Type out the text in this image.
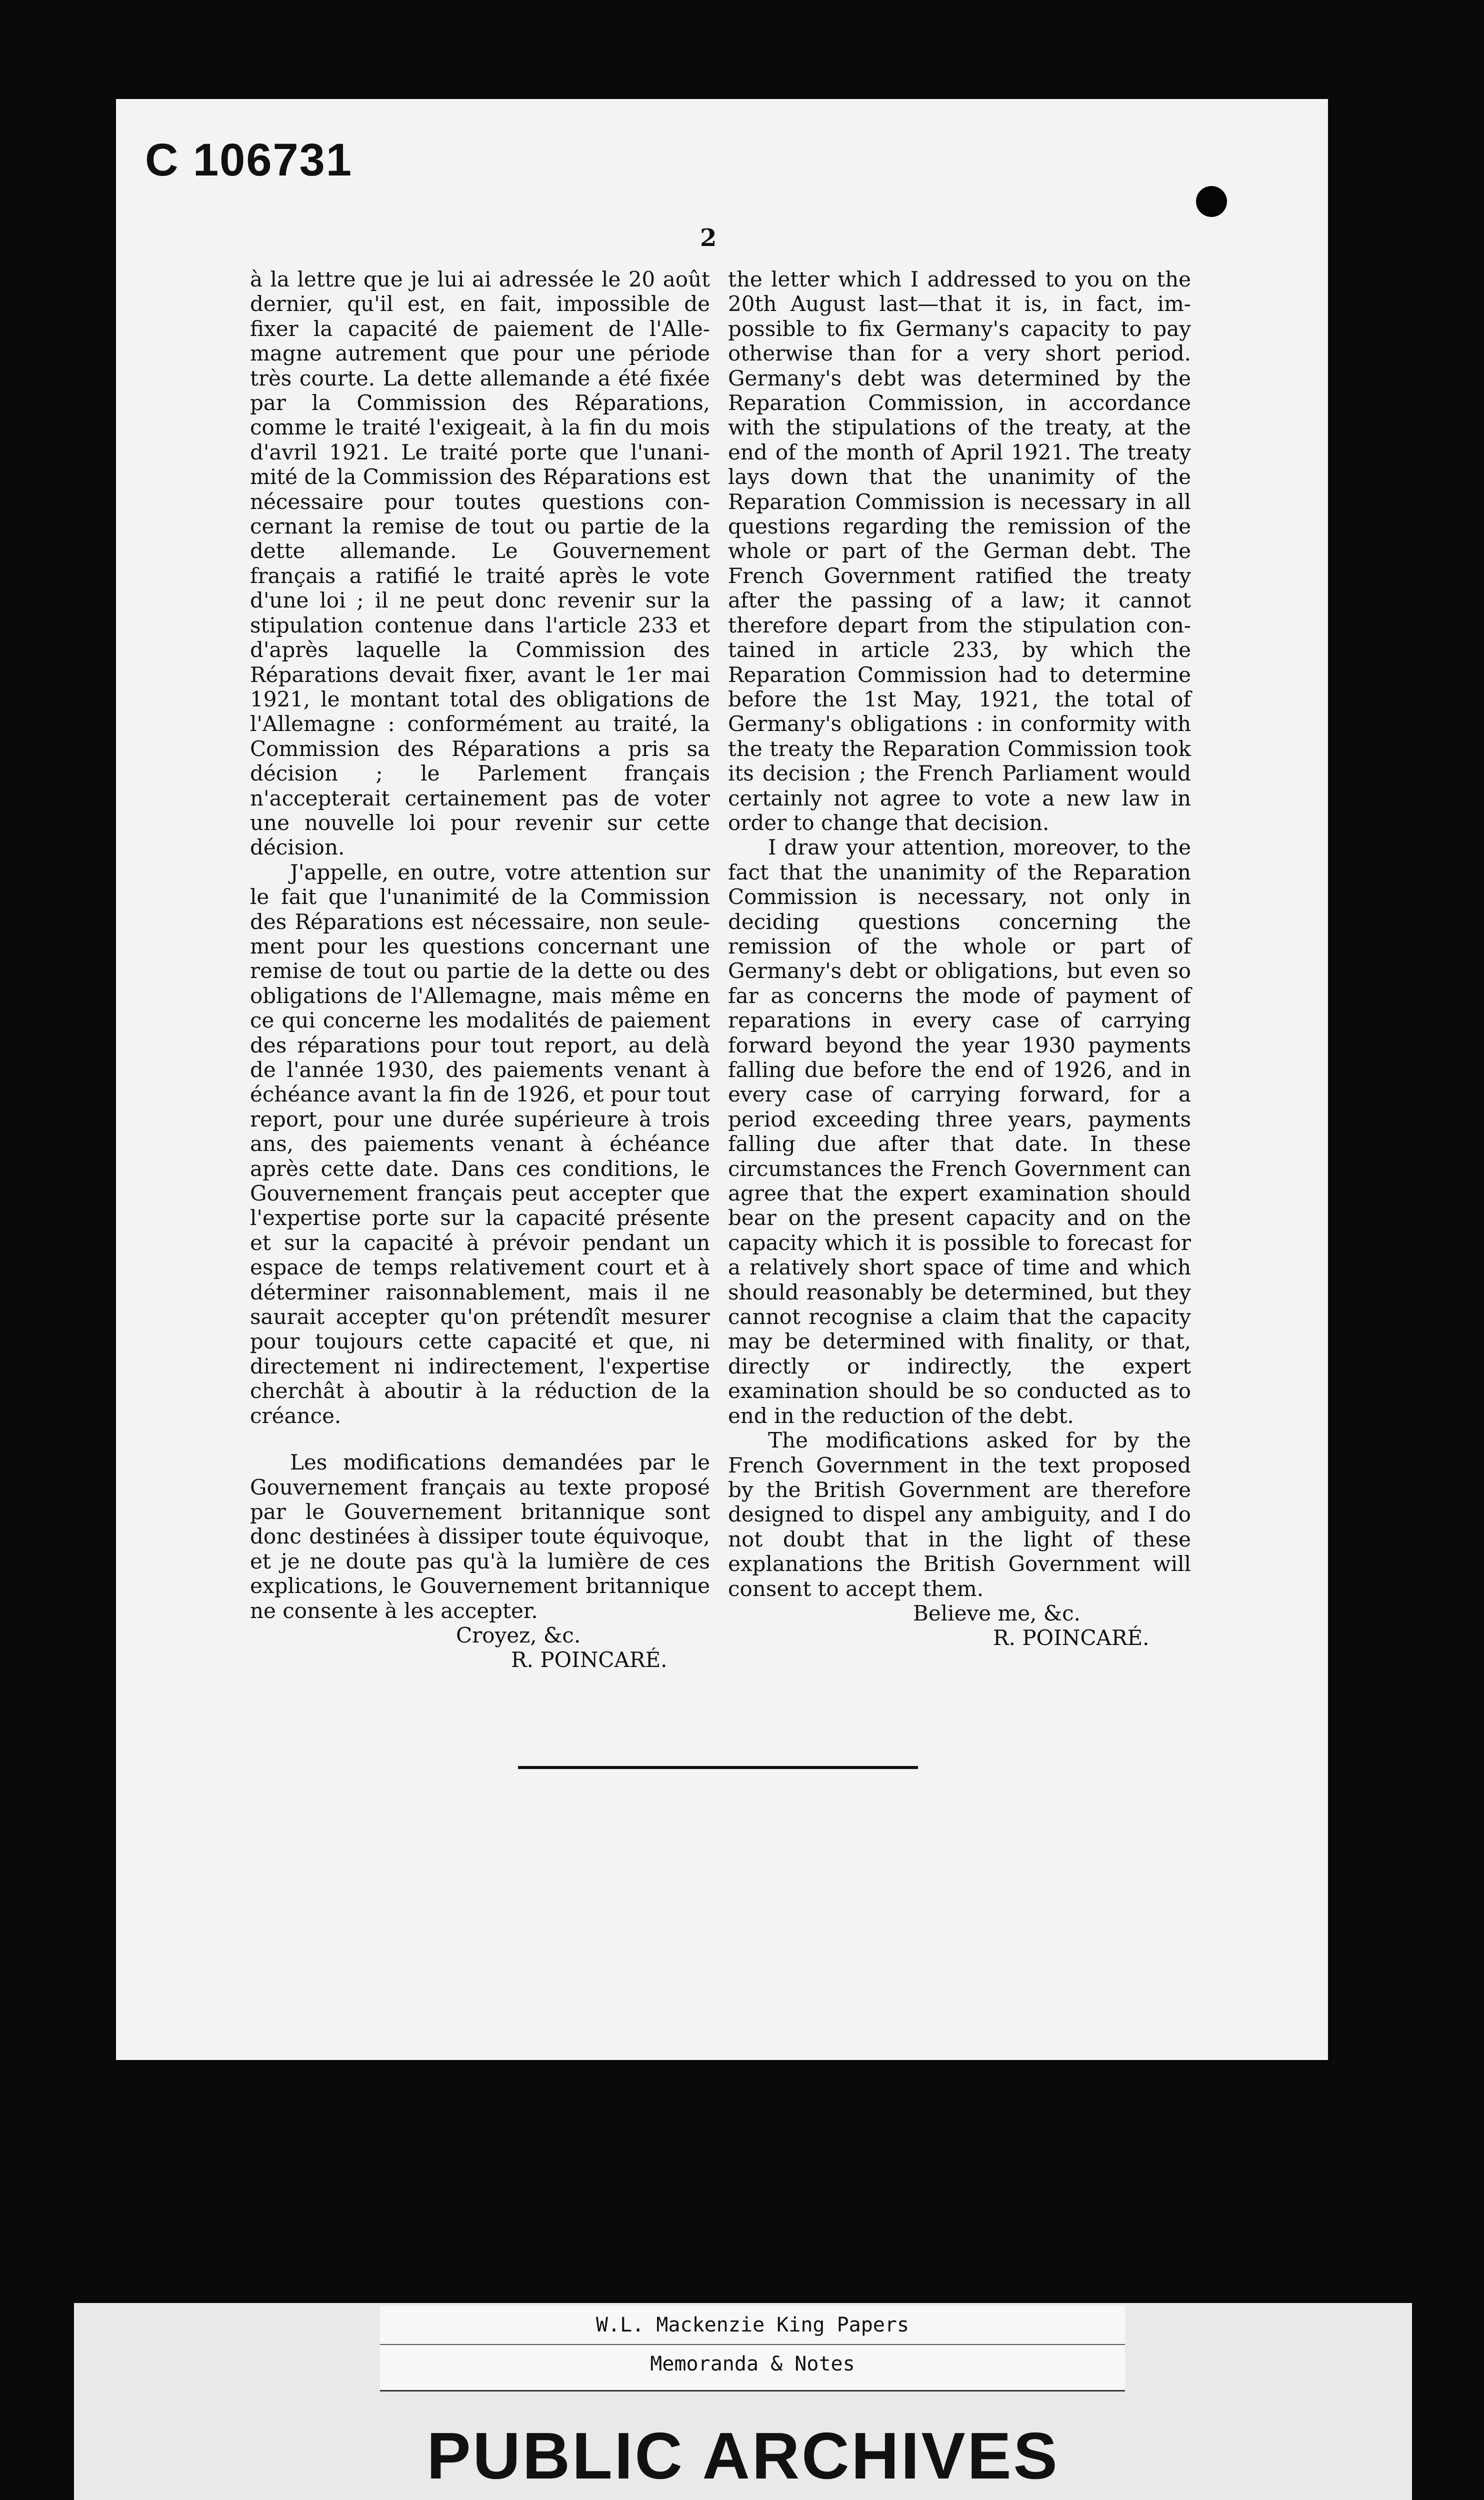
C 106731
2

à la lettre que je lui ai adressée le 20 août dernier, qu'il est, en fait, impossible de fixer la capacité de paiement de l'Allemagne autrement que pour une période très courte. La dette allemande a été fixée par la Commission des Réparations, comme le traité l'exigeait, à la fin du mois d'avril 1921. Le traité porte que l'unanimité de la Commission des Réparations est nécessaire pour toutes questions concernant la remise de tout ou partie de la dette allemande. Le Gouvernement français a ratifié le traité après le vote d'une loi ; il ne peut donc revenir sur la stipulation contenue dans l'article 233 et d'après laquelle la Commission des Réparations devait fixer, avant le 1er mai 1921, le montant total des obligations de l'Allemagne : conformément au traité, la Commission des Réparations a pris sa décision ; le Parlement français n'accepterait certainement pas de voter une nouvelle loi pour revenir sur cette décision.

J'appelle, en outre, votre attention sur le fait que l'unanimité de la Commission des Réparations est nécessaire, non seulement pour les questions concernant une remise de tout ou partie de la dette ou des obligations de l'Allemagne, mais même en ce qui concerne les modalités de paiement des réparations pour tout report, au delà de l'année 1930, des paiements venant à échéance avant la fin de 1926, et pour tout report, pour une durée supérieure à trois ans, des paiements venant à échéance après cette date. Dans ces conditions, le Gouvernement français peut accepter que l'expertise porte sur la capacité présente et sur la capacité à prévoir pendant un espace de temps relativement court et à déterminer raisonnablement, mais il ne saurait accepter qu'on prétendît mesurer pour toujours cette capacité et que, ni directement ni indirectement, l'expertise cherchât à aboutir à la réduction de la créance.

Les modifications demandées par le Gouvernement français au texte proposé par le Gouvernement britannique sont donc destinées à dissiper toute équivoque, et je ne doute pas qu'à la lumière de ces explications, le Gouvernement britannique ne consente à les accepter.

Croyez, &c.

R. POINCARÉ.

the letter which I addressed to you on the 20th August last—that it is, in fact, impossible to fix Germany's capacity to pay otherwise than for a very short period. Germany's debt was determined by the Reparation Commission, in accordance with the stipulations of the treaty, at the end of the month of April 1921. The treaty lays down that the unanimity of the Reparation Commission is necessary in all questions regarding the remission of the whole or part of the German debt. The French Government ratified the treaty after the passing of a law; it cannot therefore depart from the stipulation contained in article 233, by which the Reparation Commission had to determine before the 1st May, 1921, the total of Germany's obligations : in conformity with the treaty the Reparation Commission took its decision ; the French Parliament would certainly not agree to vote a new law in order to change that decision.

I draw your attention, moreover, to the fact that the unanimity of the Reparation Commission is necessary, not only in deciding questions concerning the remission of the whole or part of Germany's debt or obligations, but even so far as concerns the mode of payment of reparations in every case of carrying forward beyond the year 1930 payments falling due before the end of 1926, and in every case of carrying forward, for a period exceeding three years, payments falling due after that date. In these circumstances the French Government can agree that the expert examination should bear on the present capacity and on the capacity which it is possible to forecast for a relatively short space of time and which should reasonably be determined, but they cannot recognise a claim that the capacity may be determined with finality, or that, directly or indirectly, the expert examination should be so conducted as to end in the reduction of the debt.

The modifications asked for by the French Government in the text proposed by the British Government are therefore designed to dispel any ambiguity, and I do not doubt that in the light of these explanations the British Government will consent to accept them.

Believe me, &c.

R. POINCARÉ.

W.L. Mackenzie King Papers
Memoranda & Notes
PUBLIC ARCHIVES
